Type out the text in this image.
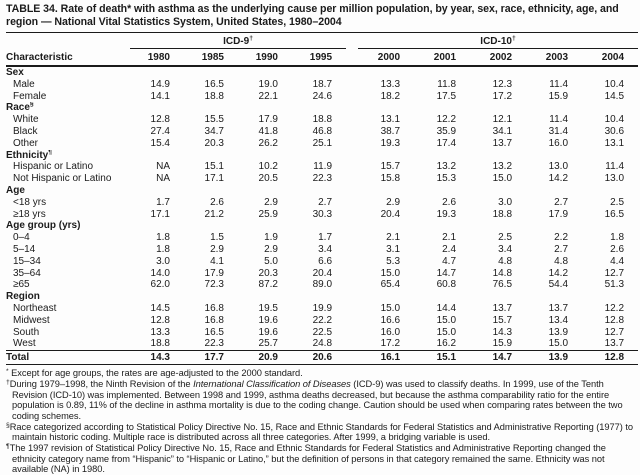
TABLE 34. Rate of death* with asthma as the underlying cause per million population, by year, sex, race, ethnicity, age, and
region — National Vital Statistics System, United States, 1980–2004
	ICD-9†					ICD-10†
Characteristic	1980	1985	1990	1995		2000	2001	2002	2003	2004
Sex										
Male	14.9	16.5	19.0	18.7		13.3	11.8	12.3	11.4	10.4
Female	14.1	18.8	22.1	24.6		18.2	17.5	17.2	15.9	14.5
Race§										
White	12.8	15.5	17.9	18.8		13.1	12.2	12.1	11.4	10.4
Black	27.4	34.7	41.8	46.8		38.7	35.9	34.1	31.4	30.6
Other	15.4	20.3	26.2	25.1		19.3	17.4	13.7	16.0	13.1
Ethnicity¶										
Hispanic or Latino	NA	15.1	10.2	11.9		15.7	13.2	13.2	13.0	11.4
Not Hispanic or Latino	NA	17.1	20.5	22.3		15.8	15.3	15.0	14.2	13.0
Age										
<18 yrs	1.7	2.6	2.9	2.7		2.9	2.6	3.0	2.7	2.5
≥18 yrs	17.1	21.2	25.9	30.3		20.4	19.3	18.8	17.9	16.5
Age group (yrs)										
0–4	1.8	1.5	1.9	1.7		2.1	2.1	2.5	2.2	1.8
5–14	1.8	2.9	2.9	3.4		3.1	2.4	3.4	2.7	2.6
15–34	3.0	4.1	5.0	6.6		5.3	4.7	4.8	4.8	4.4
35–64	14.0	17.9	20.3	20.4		15.0	14.7	14.8	14.2	12.7
≥65	62.0	72.3	87.2	89.0		65.4	60.8	76.5	54.4	51.3
Region										
Northeast	14.5	16.8	19.5	19.9		15.0	14.4	13.7	13.7	12.2
Midwest	12.8	16.8	19.6	22.2		16.6	15.0	15.7	13.4	12.8
South	13.3	16.5	19.6	22.5		16.0	15.0	14.3	13.9	12.7
West	18.8	22.3	25.7	24.8		17.2	16.2	15.9	15.0	13.7
Total	14.3	17.7	20.9	20.6		16.1	15.1	14.7	13.9	12.8

* Except for age groups, the rates are age-adjusted to the 2000 standard.

†During 1979–1998, the Ninth Revision of the International Classification of Diseases (ICD-9) was used to classify deaths. In 1999, use of the Tenth Revision (ICD-10) was implemented. Between 1998 and 1999, asthma deaths decreased, but because the asthma comparability ratio for the entire population is 0.89, 11% of the decline in asthma mortality is due to the coding change. Caution should be used when comparing rates between the two coding schemes.

§Race categorized according to Statistical Policy Directive No. 15, Race and Ethnic Standards for Federal Statistics and Administrative Reporting (1977) to maintain historic coding. Multiple race is distributed across all three categories. After 1999, a bridging variable is used.

¶The 1997 revision of Statistical Policy Directive No. 15, Race and Ethnic Standards for Federal Statistics and Administrative Reporting changed the ethnicity category name from “Hispanic” to “Hispanic or Latino,” but the definition of persons in that category remained the same. Ethnicity was not available (NA) in 1980.
